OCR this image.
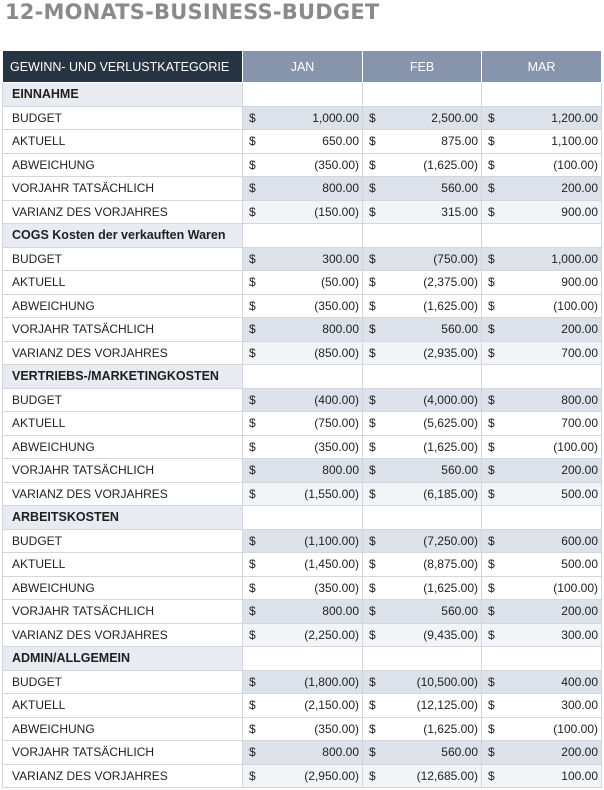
12-MONATS-BUSINESS-BUDGET
GEWINN- UND VERLUSTKATEGORIE	JAN	FEB	MAR
EINNAHME			
BUDGET	$ 1,000.00	$ 2,500.00	$ 1,200.00

AKTUELL	$ 650.00	$ 875.00	$ 1,100.00

ABWEICHUNG	$ (350.00)	$ (1,625.00)	$ (100.00)

VORJAHR TATSÄCHLICH	$ 800.00	$ 560.00	$ 200.00

VARIANZ DES VORJAHRES	$ (150.00)	$ 315.00	$ 900.00

COGS Kosten der verkauften Waren			
BUDGET	$ 300.00	$ (750.00)	$ 1,000.00

AKTUELL	$ (50.00)	$ (2,375.00)	$ 900.00

ABWEICHUNG	$ (350.00)	$ (1,625.00)	$ (100.00)

VORJAHR TATSÄCHLICH	$ 800.00	$ 560.00	$ 200.00

VARIANZ DES VORJAHRES	$ (850.00)	$ (2,935.00)	$ 700.00

VERTRIEBS-/MARKETINGKOSTEN			
BUDGET	$ (400.00)	$ (4,000.00)	$ 800.00

AKTUELL	$ (750.00)	$ (5,625.00)	$ 700.00

ABWEICHUNG	$ (350.00)	$ (1,625.00)	$ (100.00)

VORJAHR TATSÄCHLICH	$ 800.00	$ 560.00	$ 200.00

VARIANZ DES VORJAHRES	$ (1,550.00)	$ (6,185.00)	$ 500.00

ARBEITSKOSTEN			
BUDGET	$ (1,100.00)	$ (7,250.00)	$ 600.00

AKTUELL	$ (1,450.00)	$ (8,875.00)	$ 500.00

ABWEICHUNG	$ (350.00)	$ (1,625.00)	$ (100.00)

VORJAHR TATSÄCHLICH	$ 800.00	$ 560.00	$ 200.00

VARIANZ DES VORJAHRES	$ (2,250.00)	$ (9,435.00)	$ 300.00

ADMIN/ALLGEMEIN			
BUDGET	$ (1,800.00)	$ (10,500.00)	$ 400.00

AKTUELL	$ (2,150.00)	$ (12,125.00)	$ 300.00

ABWEICHUNG	$ (350.00)	$ (1,625.00)	$ (100.00)

VORJAHR TATSÄCHLICH	$ 800.00	$ 560.00	$ 200.00

VARIANZ DES VORJAHRES	$ (2,950.00)	$ (12,685.00)	$ 100.00
